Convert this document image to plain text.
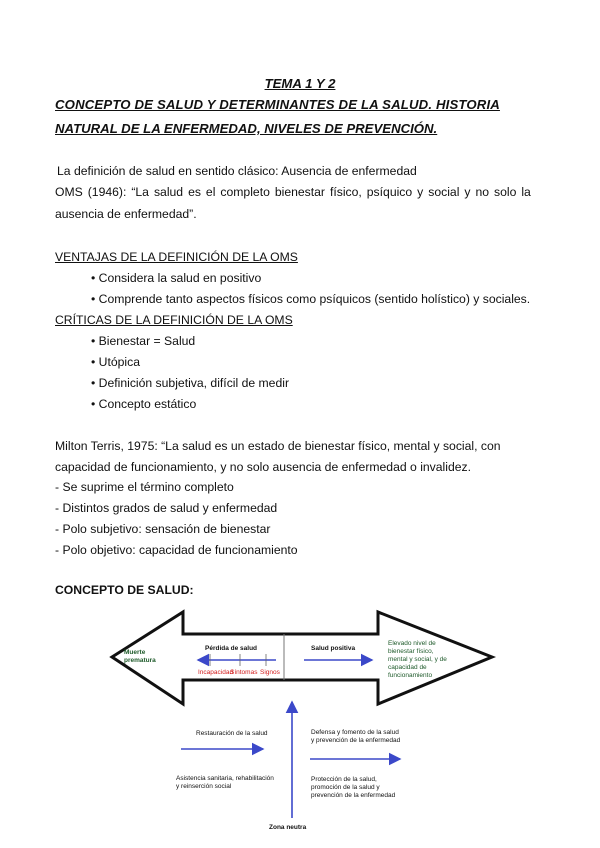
TEMA 1 Y 2
CONCEPTO DE SALUD Y DETERMINANTES DE LA SALUD. HISTORIA
NATURAL DE LA ENFERMEDAD, NIVELES DE PREVENCIÓN.
La definición de salud en sentido clásico: Ausencia de enfermedad
OMS (1946): “La salud es el completo bienestar físico, psíquico y social y no solo la
ausencia de enfermedad”.
VENTAJAS DE LA DEFINICIÓN DE LA OMS
• Considera la salud en positivo
• Comprende tanto aspectos físicos como psíquicos (sentido holístico) y sociales.
CRÍTICAS DE LA DEFINICIÓN DE LA OMS
• Bienestar = Salud
• Utópica
• Definición subjetiva, difícil de medir
• Concepto estático
Milton Terris, 1975: “La salud es un estado de bienestar físico, mental y social, con
capacidad de funcionamiento, y no solo ausencia de enfermedad o invalidez.
- Se suprime el término completo
- Distintos grados de salud y enfermedad
- Polo subjetivo: sensación de bienestar
- Polo objetivo: capacidad de funcionamiento
CONCEPTO DE SALUD:
Muerte
prematura
Pérdida de salud
Incapacidad
Síntomas Signos
Salud positiva
Elevado nivel de
bienestar físico,
mental y social, y de
capacidad de
funcionamiento
Restauración de la salud
Asistencia sanitaria, rehabilitación
y reinserción social
Defensa y fomento de la salud
y prevención de la enfermedad
Protección de la salud,
promoción de la salud y
prevención de la enfermedad
Zona neutra
